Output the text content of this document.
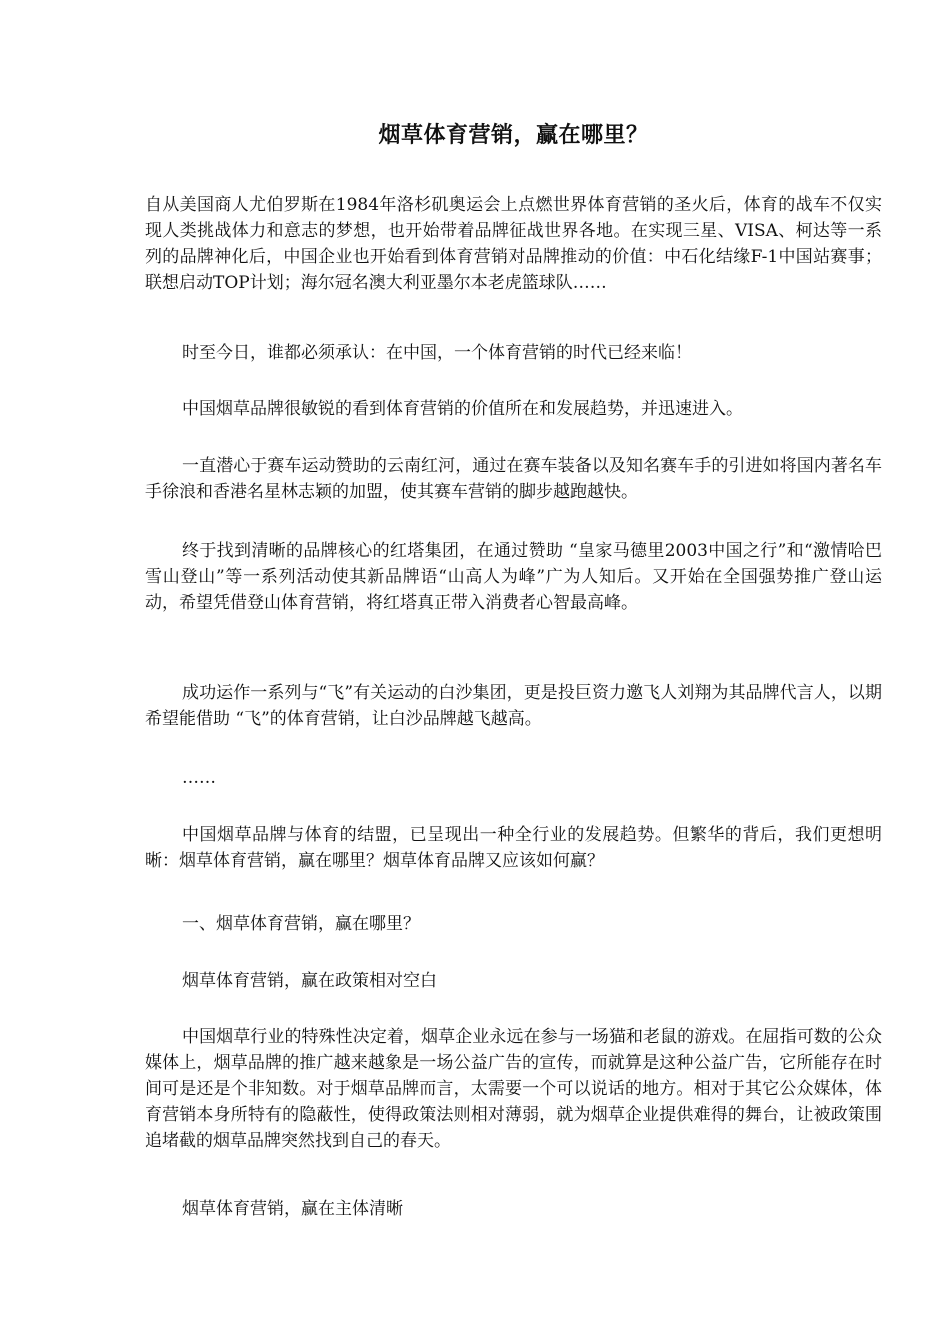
烟草体育营销，赢在哪里？

自从美国商人尤伯罗斯在1984年洛杉矶奥运会上点燃世界体育营销的圣火后，体育的战车不仅实现人类挑战体力和意志的梦想，也开始带着品牌征战世界各地。在实现三星、VISA、柯达等一系列的品牌神化后，中国企业也开始看到体育营销对品牌推动的价值：中石化结缘F-1中国站赛事；联想启动TOP计划；海尔冠名澳大利亚墨尔本老虎篮球队……

时至今日，谁都必须承认：在中国，一个体育营销的时代已经来临！

中国烟草品牌很敏锐的看到体育营销的价值所在和发展趋势，并迅速进入。

一直潜心于赛车运动赞助的云南红河，通过在赛车装备以及知名赛车手的引进如将国内著名车手徐浪和香港名星林志颖的加盟，使其赛车营销的脚步越跑越快。

终于找到清晰的品牌核心的红塔集团，在通过赞助 “皇家马德里2003中国之行”和“激情哈巴雪山登山”等一系列活动使其新品牌语“山高人为峰”广为人知后。又开始在全国强势推广登山运动，希望凭借登山体育营销，将红塔真正带入消费者心智最高峰。

成功运作一系列与“飞”有关运动的白沙集团，更是投巨资力邀飞人刘翔为其品牌代言人，以期希望能借助 “飞”的体育营销，让白沙品牌越飞越高。

……

中国烟草品牌与体育的结盟，已呈现出一种全行业的发展趋势。但繁华的背后，我们更想明晰：烟草体育营销，赢在哪里？烟草体育品牌又应该如何赢？

一、烟草体育营销，赢在哪里？

烟草体育营销，赢在政策相对空白

中国烟草行业的特殊性决定着，烟草企业永远在参与一场猫和老鼠的游戏。在屈指可数的公众媒体上，烟草品牌的推广越来越象是一场公益广告的宣传，而就算是这种公益广告，它所能存在时间可是还是个非知数。对于烟草品牌而言，太需要一个可以说话的地方。相对于其它公众媒体，体育营销本身所特有的隐蔽性，使得政策法则相对薄弱，就为烟草企业提供难得的舞台，让被政策围追堵截的烟草品牌突然找到自己的春天。

烟草体育营销，赢在主体清晰
